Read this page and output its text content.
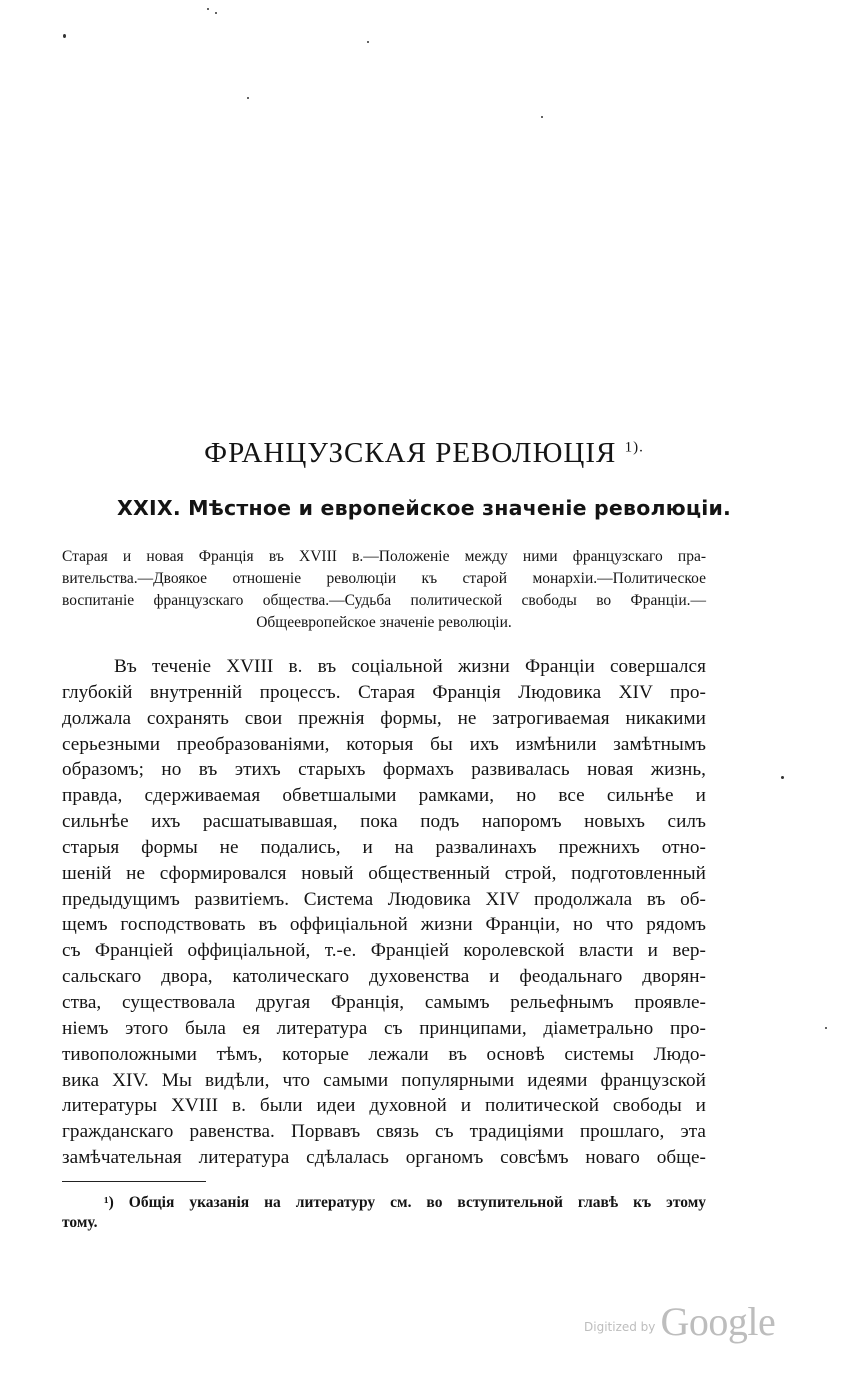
ФРАНЦУЗСКАЯ РЕВОЛЮЦІЯ $^{1).}$
XXIX. Мѣстное и европейское значеніе революціи.
Старая и новая Франція въ XVIII в.—Положеніе между ними французскаго пра-
вительства.—Двоякое отношеніе революціи къ старой монархіи.—Политическое
воспитаніе французскаго общества.—Судьба политической свободы во Франціи.—
Общеевропейское значеніе революціи.
Въ теченіе XVIII в. въ соціальной жизни Франціи совершался
глубокій внутренній процессъ. Старая Франція Людовика XIV про-
должала сохранять свои прежнія формы, не затрогиваемая никакими
серьезными преобразованіями, которыя бы ихъ измѣнили замѣтнымъ
образомъ; но въ этихъ старыхъ формахъ развивалась новая жизнь,
правда, сдерживаемая обветшалыми рамками, но все сильнѣе и
сильнѣе ихъ расшатывавшая, пока подъ напоромъ новыхъ силъ
старыя формы не подались, и на развалинахъ прежнихъ отно-
шеній не сформировался новый общественный строй, подготовленный
предыдущимъ развитіемъ. Система Людовика XIV продолжала въ об-
щемъ господствовать въ оффиціальной жизни Франціи, но что рядомъ
съ Франціей оффиціальной, т.-е. Франціей королевской власти и вер-
сальскаго двора, католическаго духовенства и феодальнаго дворян-
ства, существовала другая Франція, самымъ рельефнымъ проявле-
ніемъ этого была ея литература съ принципами, діаметрально про-
тивоположными тѣмъ, которые лежали въ основѣ системы Людо-
вика XIV. Мы видѣли, что самыми популярными идеями французской
литературы XVIII в. были идеи духовной и политической свободы и
гражданскаго равенства. Порвавъ связь съ традиціями прошлаго, эта
замѣчательная литература сдѣлалась органомъ совсѣмъ новаго обще-
¹) Общія указанія на литературу см. во вступительной главѣ къ этому
тому.
$^{Digitized by}$ Google
